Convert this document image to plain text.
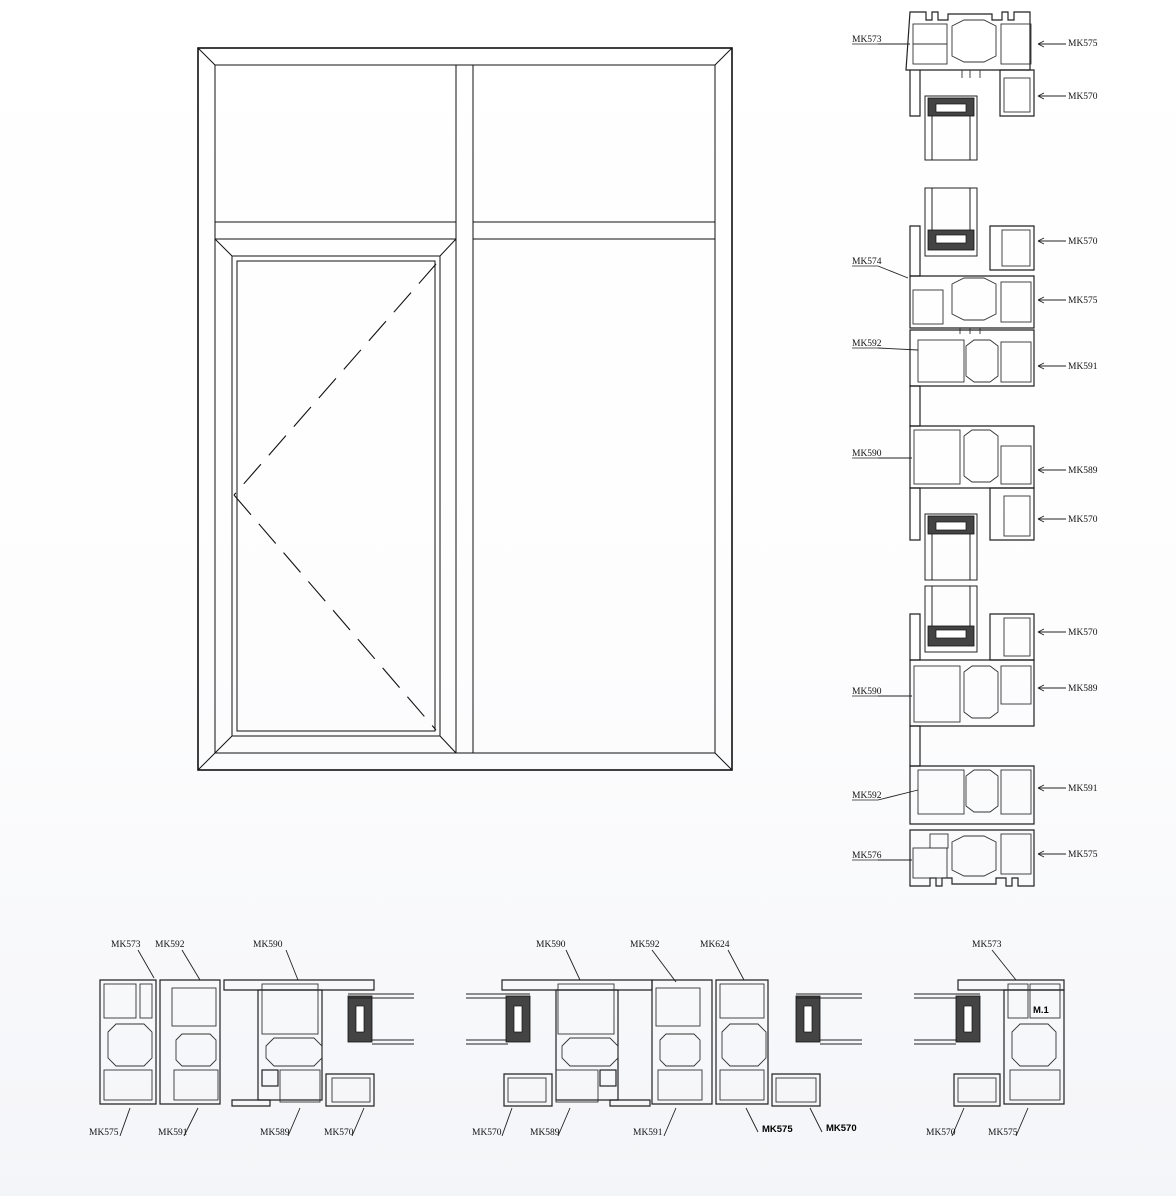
MK573
MK574
MK592
MK590
MK590
MK592
MK576
MK575
MK570
MK570
MK575
MK591
MK589
MK570
MK570
MK589
MK591
MK575
MK573 MK592	MK590
MK575	MK591	MK589	MK570
MK590	MK592	MK624
MK570	MK589	MK591	MK575	MK570
M.1
MK573
MK570	MK575
